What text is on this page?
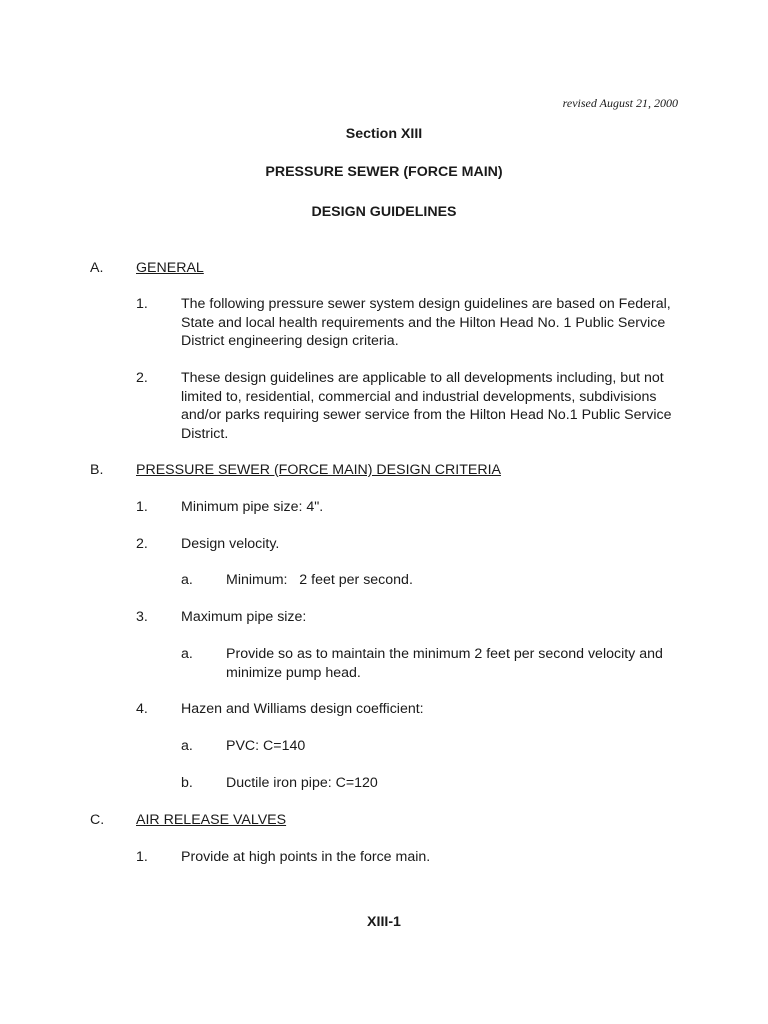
revised August 21, 2000
Section XIII
PRESSURE SEWER (FORCE MAIN)
DESIGN GUIDELINES
A. GENERAL
1. The following pressure sewer system design guidelines are based on Federal,
State and local health requirements and the Hilton Head No. 1 Public Service
District engineering design criteria.
2. These design guidelines are applicable to all developments including, but not
limited to, residential, commercial and industrial developments, subdivisions
and/or parks requiring sewer service from the Hilton Head No.1 Public Service
District.
B. PRESSURE SEWER (FORCE MAIN) DESIGN CRITERIA
1. Minimum pipe size: 4".
2. Design velocity.
a. Minimum:   2 feet per second.
3. Maximum pipe size:
a. Provide so as to maintain the minimum 2 feet per second velocity and
minimize pump head.
4. Hazen and Williams design coefficient:
a. PVC: C=140
b. Ductile iron pipe: C=120
C. AIR RELEASE VALVES
1. Provide at high points in the force main.
XIII-1
